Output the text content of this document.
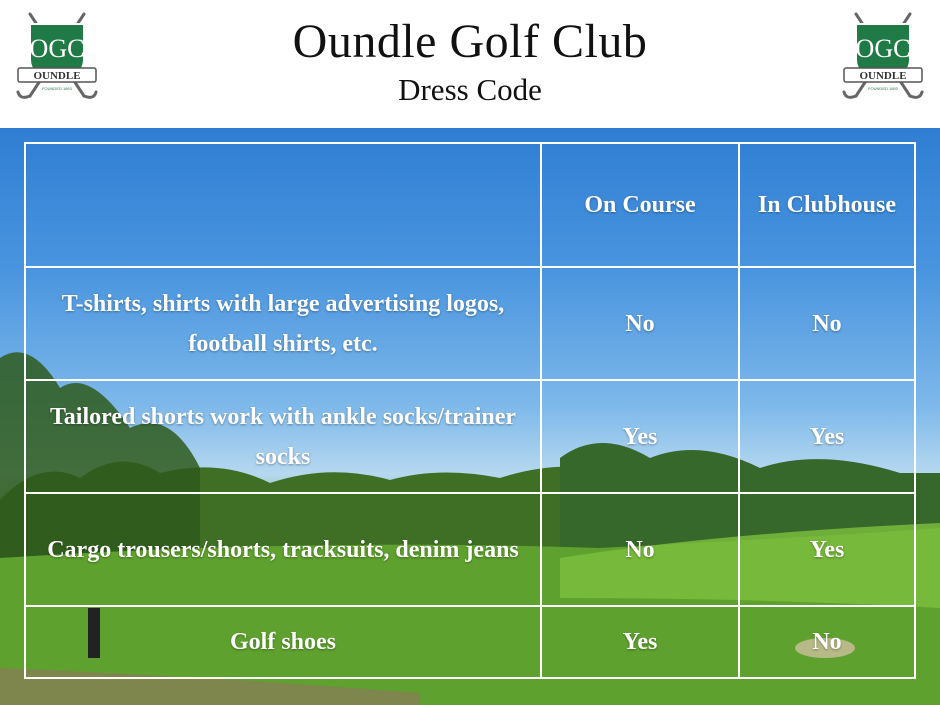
OGC
OUNDLE
FOUNDED 1893
Oundle Golf Club
Dress Code
OGC
OUNDLE
FOUNDED 1893
	On Course	In Clubhouse
T-shirts, shirts with large advertising logos, football shirts, etc.	No	No
Tailored shorts work with ankle socks/trainer socks	Yes	Yes
Cargo trousers/shorts, tracksuits, denim jeans	No	Yes
Golf shoes	Yes	No
